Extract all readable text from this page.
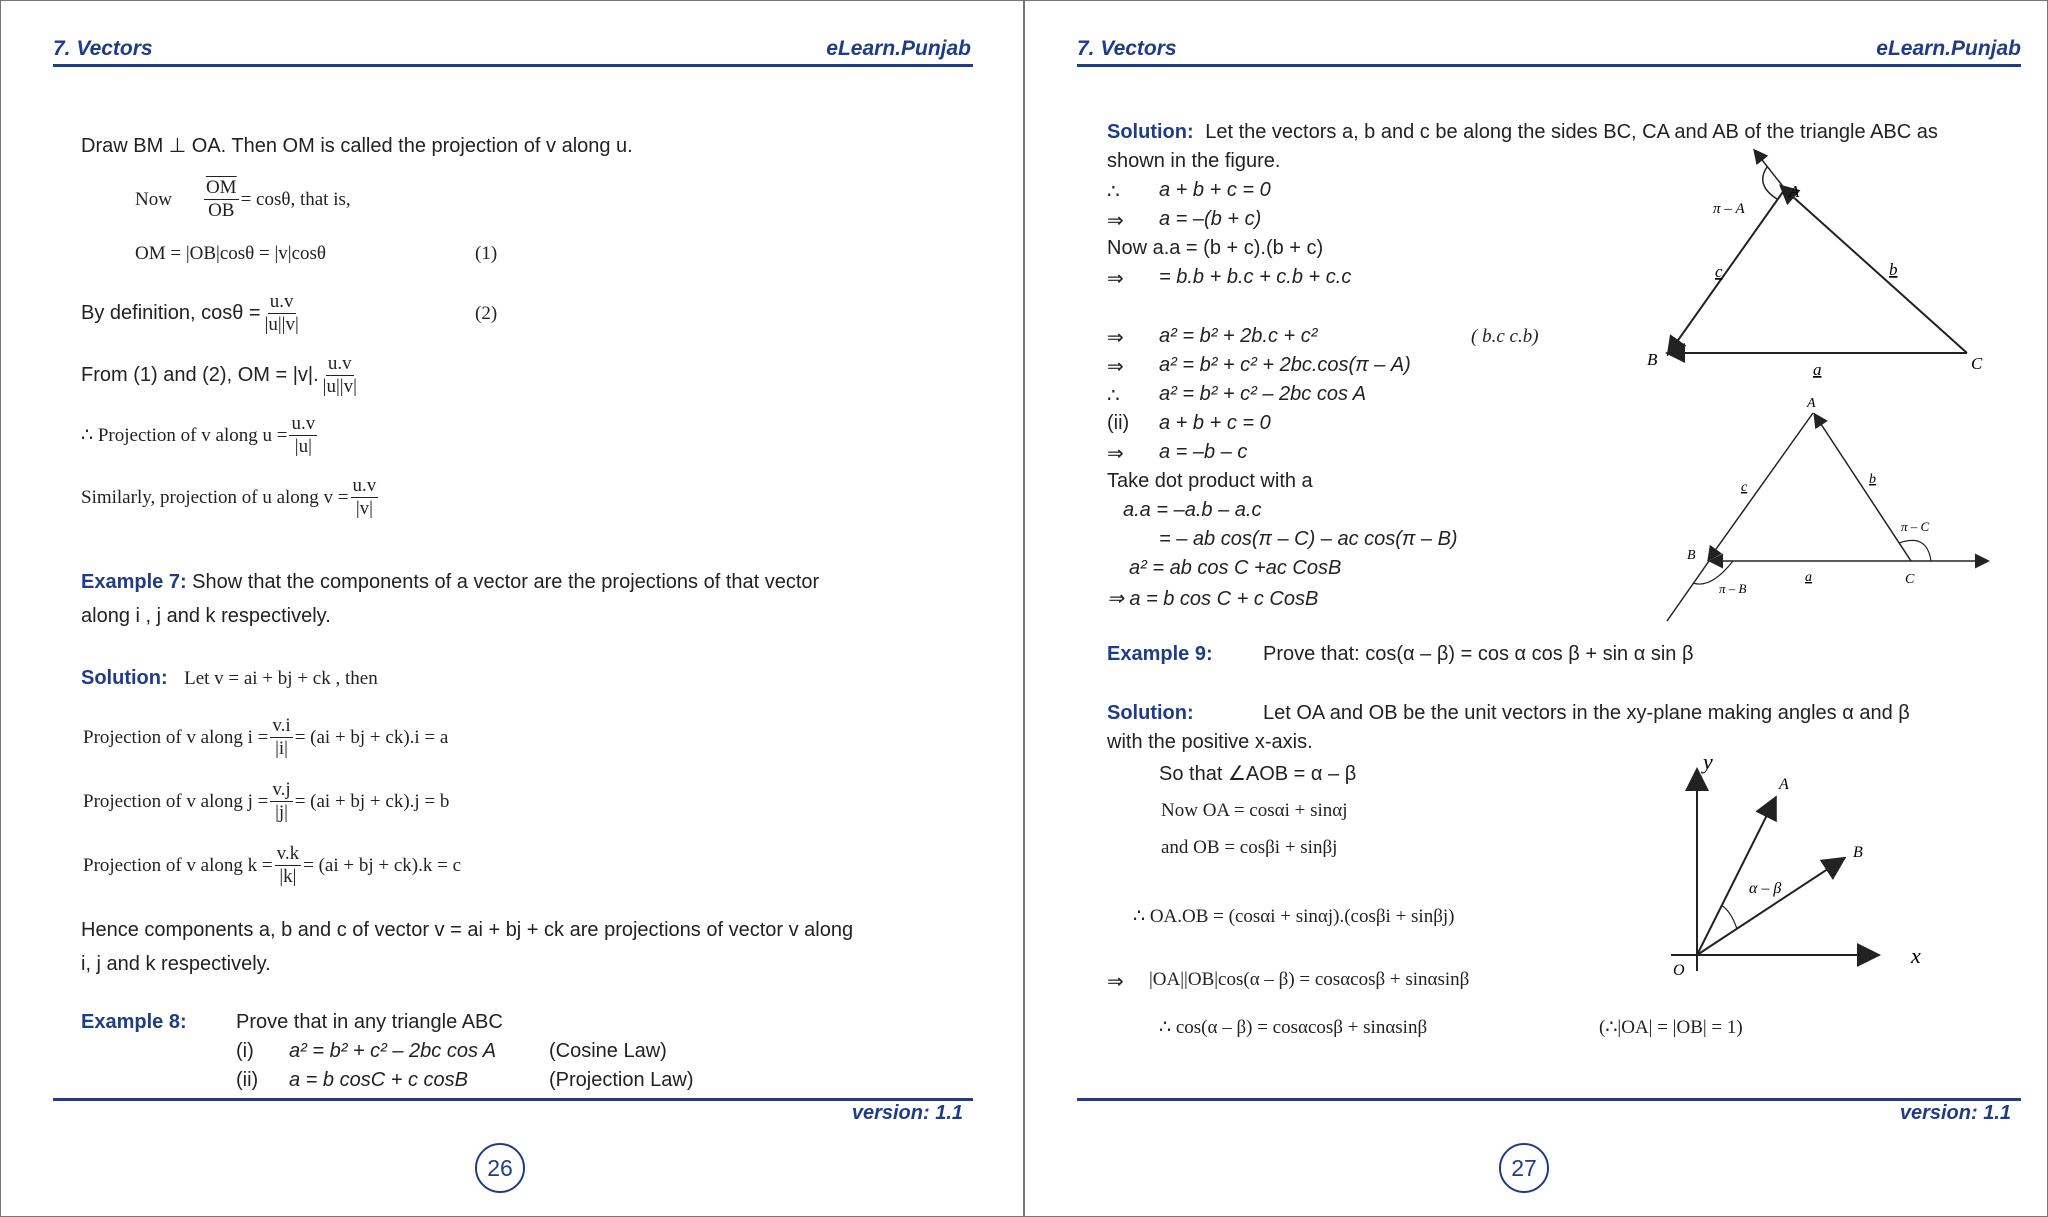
7. Vectors	eLearn.Punjab
Draw BM ⊥ OA. Then OM is called the projection of v along u.
Now $\frac{\overline{OM}}{OB} = \cos\theta$, that is,
OM = |OB|cosθ = |v|cosθ	(1)
By definition, $\cos\theta = \frac{u.v}{|u||v|}$	(2)
From (1) and (2), OM = |v|. $\frac{u.v}{|u||v|}$
∴ Projection of v along $u = \frac{u.v}{|u|}$
Similarly, projection of u along $v = \frac{u.v}{|v|}$
Example 7: Show that the components of a vector are the projections of that vector
along i , j and k respectively.
Solution: Let v = ai + bj + ck , then
Projection of v along $i = \frac{v.i}{|i|} = (ai$ + bj + ck).i = a
Projection of v along $j = \frac{v.j}{|j|} = (ai$ + bj + ck).j = b
Projection of v along $k = \frac{v.k}{|k|} = (ai$ + bj + ck).k = c
Hence components a, b and c of vector v = ai + bj + ck are projections of vector v along
i, j and k respectively.
Example 8: Prove that in any triangle ABC
(i) a² = b² + c² – 2bc cos A	(Cosine Law)
(ii) a = b cosC + c cosB	(Projection Law)
version: 1.1
26
7. Vectors	eLearn.Punjab
Solution: Let the vectors a, b and c be along the sides BC, CA and AB of the triangle ABC as
shown in the figure.
∴ a + b + c = 0
⇒ a = –(b + c)
Now a.a = (b + c).(b + c)
⇒ = b.b + b.c + c.b + c.c
⇒ a² = b² + 2b.c + c²	( b.c c.b)
⇒ a² = b² + c² + 2bc.cos(π – A)
∴ a² = b² + c² – 2bc cos A
(ii) a + b + c = 0
⇒ a = –b – c
Take dot product with a
a.a = –a.b – a.c
= – ab cos(π – C) – ac cos(π – B)
a² = ab cos C +ac CosB
⇒ a = b cos C + c CosB
A
B	C
a
b
c
π – A
A
B
C
a
b
c
π – B
π – C
Example 9:	Prove that: cos(α – β) = cos α cos β + sin α sin β
Solution:	Let OA and OB be the unit vectors in the xy-plane making angles α and β
with the positive x-axis.
So that ∠AOB = α – β
Now OA = cosαi + sinαj
and OB = cosβi + sinβj
∴ OA.OB = (cosαi + sinαj).(cosβi + sinβj)
⇒ |OA||OB|cos(α – β) = cosαcosβ + sinαsinβ
∴ cos(α – β) = cosαcosβ + sinαsinβ	(∴|OA| = |OB| = 1)
y
x
O
A
B
α – β
version: 1.1
27
